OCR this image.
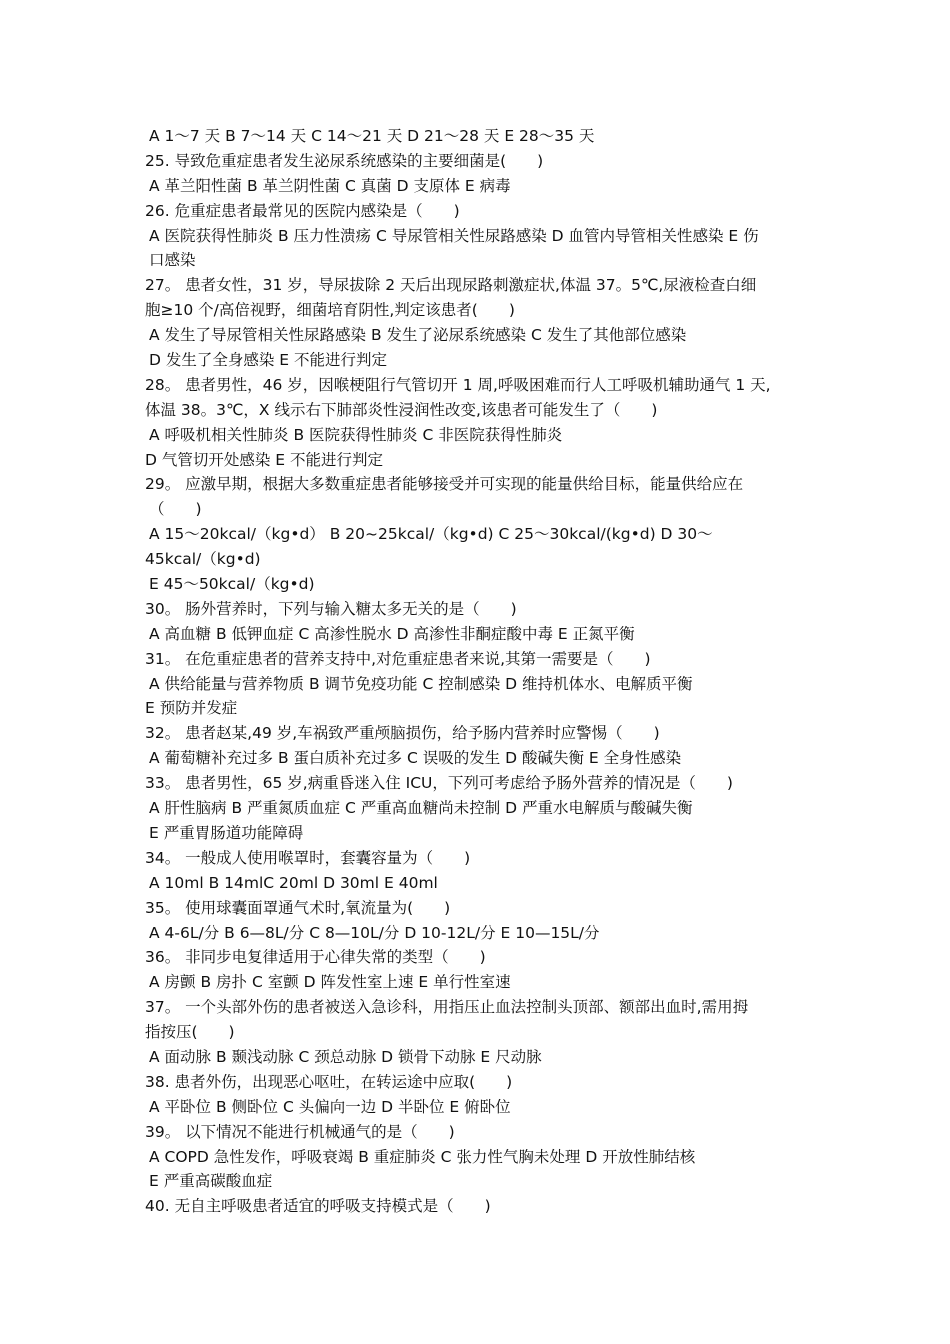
A 1～7 天 B 7～14 天 C 14～21 天 D 21～28 天 E 28～35 天
25. 导致危重症患者发生泌尿系统感染的主要细菌是(　　)
A 革兰阳性菌 B 革兰阴性菌 C 真菌 D 支原体 E 病毒
26. 危重症患者最常见的医院内感染是（　　)
A 医院获得性肺炎 B 压力性溃疡 C 导尿管相关性尿路感染 D 血管内导管相关性感染 E 伤
口感染
27。 患者女性，31 岁，导尿拔除 2 天后出现尿路刺激症状,体温 37。5℃,尿液检查白细
胞≥10 个/高倍视野，细菌培育阴性,判定该患者(　　)
A 发生了导尿管相关性尿路感染 B 发生了泌尿系统感染 C 发生了其他部位感染
D 发生了全身感染 E 不能进行判定
28。 患者男性，46 岁，因喉梗阻行气管切开 1 周,呼吸困难而行人工呼吸机辅助通气 1 天,
体温 38。3℃，X 线示右下肺部炎性浸润性改变,该患者可能发生了（　　)
A 呼吸机相关性肺炎 B 医院获得性肺炎 C 非医院获得性肺炎
D 气管切开处感染 E 不能进行判定
29。 应激早期，根据大多数重症患者能够接受并可实现的能量供给目标，能量供给应在
（　　)
A 15～20kcal/（kg•d） B 20~25kcal/（kg•d) C 25～30kcal/(kg•d) D 30～
45kcal/（kg•d)
E 45～50kcal/（kg•d)
30。 肠外营养时，下列与输入糖太多无关的是（　　)
A 高血糖 B 低钾血症 C 高渗性脱水 D 高渗性非酮症酸中毒 E 正氮平衡
31。 在危重症患者的营养支持中,对危重症患者来说,其第一需要是（　　)
A 供给能量与营养物质 B 调节免疫功能 C 控制感染 D 维持机体水、电解质平衡
E 预防并发症
32。 患者赵某,49 岁,车祸致严重颅脑损伤，给予肠内营养时应警惕（　　)
A 葡萄糖补充过多 B 蛋白质补充过多 C 误吸的发生 D 酸碱失衡 E 全身性感染
33。 患者男性，65 岁,病重昏迷入住 ICU，下列可考虑给予肠外营养的情况是（　　)
A 肝性脑病 B 严重氮质血症 C 严重高血糖尚未控制 D 严重水电解质与酸碱失衡
E 严重胃肠道功能障碍
34。 一般成人使用喉罩时，套囊容量为（　　)
A 10ml B 14mlC 20ml D 30ml E 40ml
35。 使用球囊面罩通气术时,氧流量为(　　)
A 4-6L/分 B 6—8L/分 C 8—10L/分 D 10-12L/分 E 10—15L/分
36。 非同步电复律适用于心律失常的类型（　　)
A 房颤 B 房扑 C 室颤 D 阵发性室上速 E 单行性室速
37。 一个头部外伤的患者被送入急诊科，用指压止血法控制头顶部、额部出血时,需用拇
指按压(　　)
A 面动脉 B 颞浅动脉 C 颈总动脉 D 锁骨下动脉 E 尺动脉
38. 患者外伤，出现恶心呕吐，在转运途中应取(　　)
A 平卧位 B 侧卧位 C 头偏向一边 D 半卧位 E 俯卧位
39。 以下情况不能进行机械通气的是（　　)
A COPD 急性发作，呼吸衰竭 B 重症肺炎 C 张力性气胸未处理 D 开放性肺结核
E 严重高碳酸血症
40. 无自主呼吸患者适宜的呼吸支持模式是（　　)
